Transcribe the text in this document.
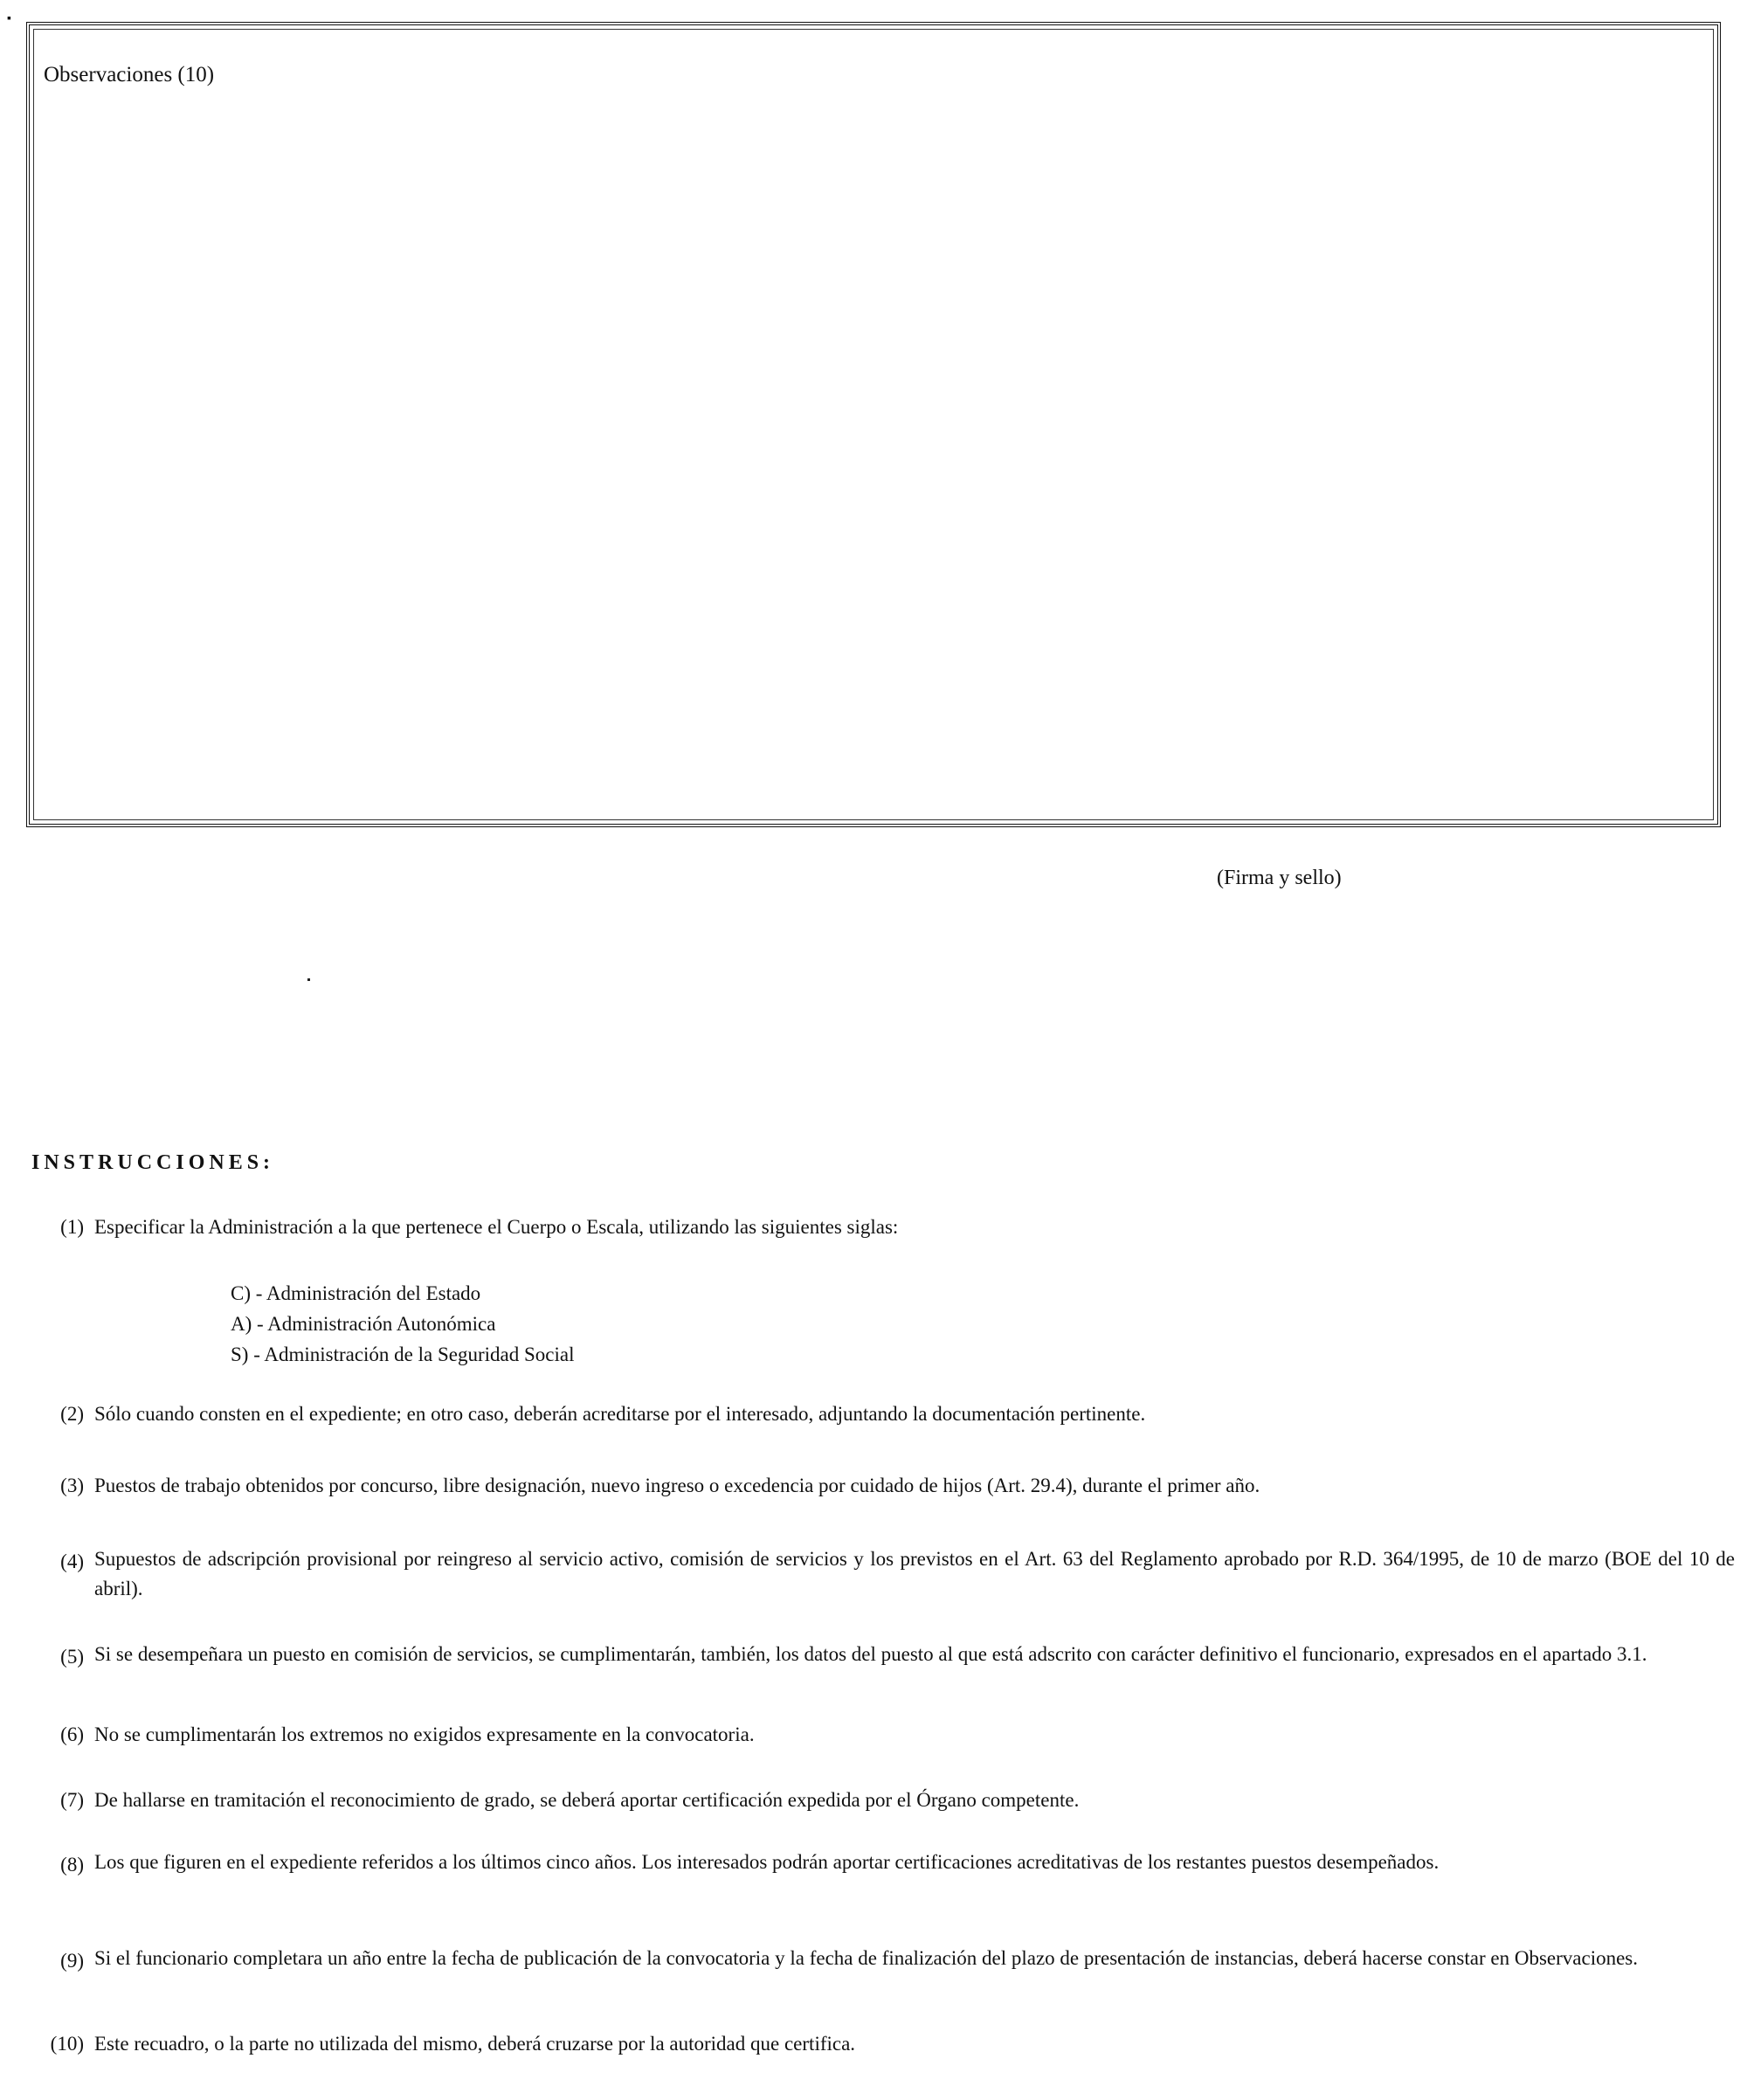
▪
Observaciones (10)
(Firma y sello)
INSTRUCCIONES:
(1) Especificar la Administración a la que pertenece el Cuerpo o Escala, utilizando las siguientes siglas:
C) - Administración del Estado
A) - Administración Autonómica
S) - Administración de la Seguridad Social
(2) Sólo cuando consten en el expediente; en otro caso, deberán acreditarse por el interesado, adjuntando la documentación pertinente.
(3) Puestos de trabajo obtenidos por concurso, libre designación, nuevo ingreso o excedencia por cuidado de hijos (Art. 29.4), durante el primer año.
(4) Supuestos de adscripción provisional por reingreso al servicio activo, comisión de servicios y los previstos en el Art. 63 del Reglamento aprobado por R.D. 364/1995, de 10 de marzo (BOE del 10 de abril).
(5) Si se desempeñara un puesto en comisión de servicios, se cumplimentarán, también, los datos del puesto al que está adscrito con carácter definitivo el funcionario, expresados en el apartado 3.1.
(6) No se cumplimentarán los extremos no exigidos expresamente en la convocatoria.
(7) De hallarse en tramitación el reconocimiento de grado, se deberá aportar certificación expedida por el Órgano competente.
(8) Los que figuren en el expediente referidos a los últimos cinco años. Los interesados podrán aportar certificaciones acreditativas de los restantes puestos desempeñados.
(9) Si el funcionario completara un año entre la fecha de publicación de la convocatoria y la fecha de finalización del plazo de presentación de instancias, deberá hacerse constar en Observaciones.
(10) Este recuadro, o la parte no utilizada del mismo, deberá cruzarse por la autoridad que certifica.
